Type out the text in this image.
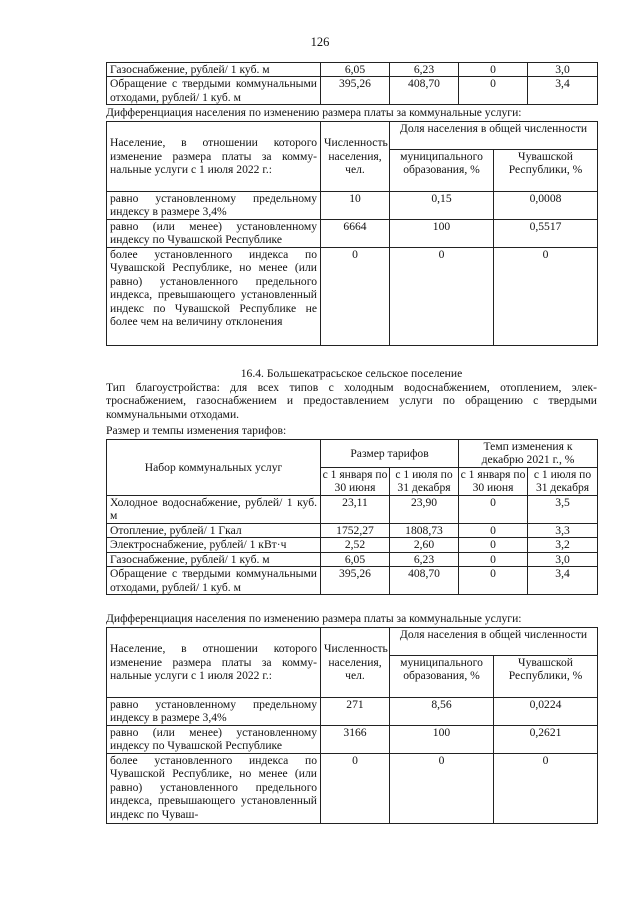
126
Газоснабжение, рублей/ 1 куб. м	6,05	6,23	0	3,0
Обращение с твердыми коммунальными отходами, рублей/ 1 куб. м	395,26	408,70	0	3,4
Дифференциация населения по изменению размера платы за коммунальные услуги:
Население, в отношении которого изменение размера платы за коммунальные услуги с 1 июля 2022 г.:	Численность населения, чел.	Доля населения в общей численности	
		муниципального образования, %	Чувашской Республики, %
равно установленному предельному индексу в размере 3,4%	10	0,15	0,0008
равно (или менее) установленному индексу по Чувашской Республике	6664	100	0,5517
более установленного индекса по Чувашской Республике, но менее (или равно) установленного предельного индекса, превышающего установленный индекс по Чувашской Республике не более чем на величину отклонения	0	0	0
16.4. Большекатрасьское сельское поселение
Тип благоустройства: для всех типов с холодным водоснабжением, отоплением, электроснабжением, газоснабжением и предоставлением услуги по обращению с твердыми коммунальными отходами.
Размер и темпы изменения тарифов:
Набор коммунальных услуг	Размер тарифов		Темп изменения к декабрю 2021 г., %	
	с 1 января по 30 июня	с 1 июля по 31 декабря	с 1 января по 30 июня	с 1 июля по 31 декабря
Холодное водоснабжение, рублей/ 1 куб. м	23,11	23,90	0	3,5
Отопление, рублей/ 1 Гкал	1752,27	1808,73	0	3,3
Электроснабжение, рублей/ 1 кВт·ч	2,52	2,60	0	3,2
Газоснабжение, рублей/ 1 куб. м	6,05	6,23	0	3,0
Обращение с твердыми коммунальными отходами, рублей/ 1 куб. м	395,26	408,70	0	3,4
Дифференциация населения по изменению размера платы за коммунальные услуги:
Население, в отношении которого изменение размера платы за коммунальные услуги с 1 июля 2022 г.:	Численность населения, чел.	Доля населения в общей численности	
		муниципального образования, %	Чувашской Республики, %
равно установленному предельному индексу в размере 3,4%	271	8,56	0,0224
равно (или менее) установленному индексу по Чувашской Республике	3166	100	0,2621
более установленного индекса по Чувашской Республике, но менее (или равно) установленного предельного индекса, превышающего установленный индекс по Чуваш-	0	0	0
